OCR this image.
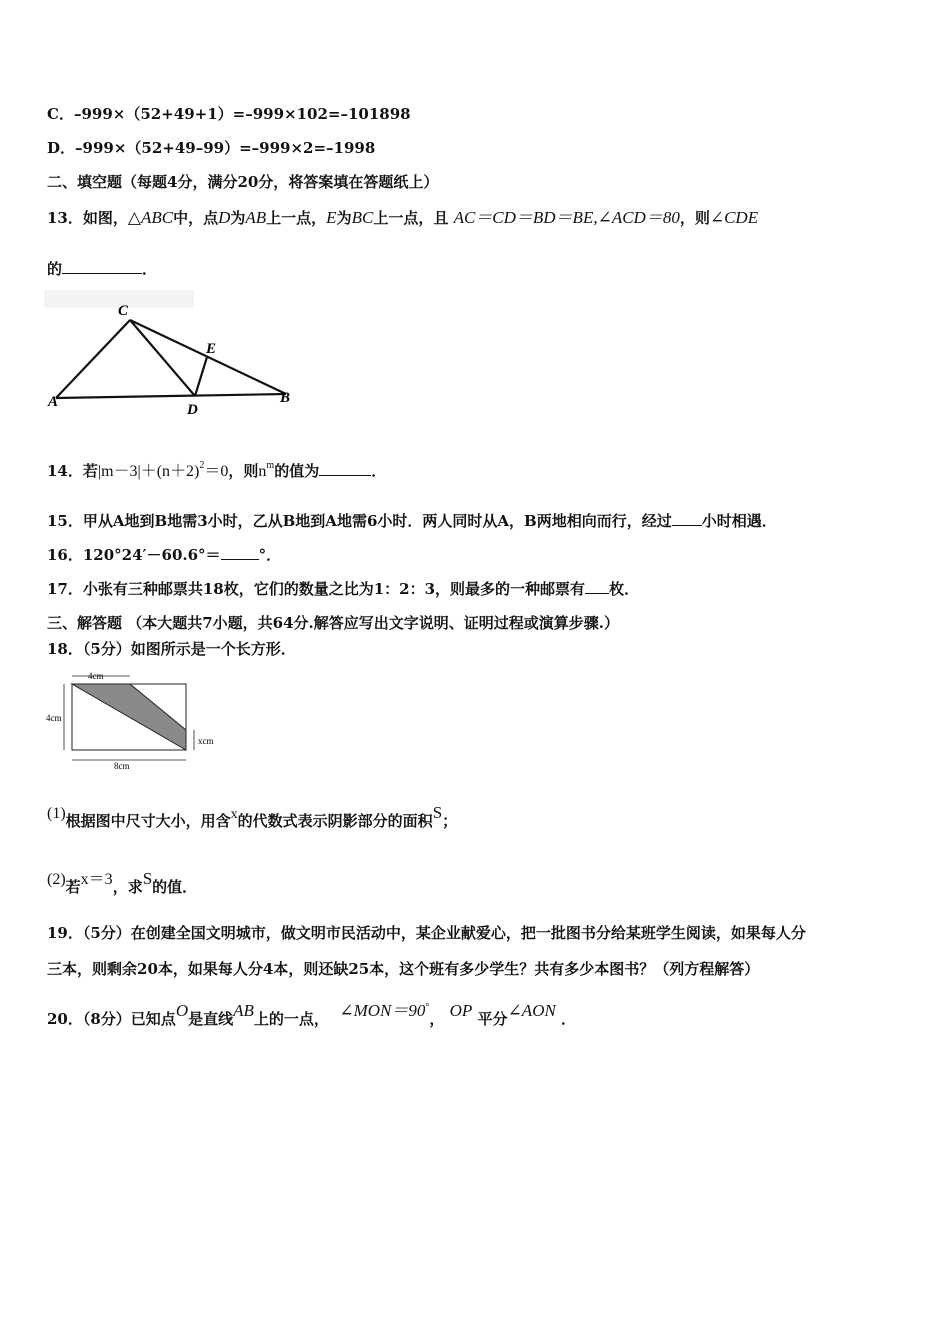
C．–999×（52+49+1）=–999×102=–101898
D．–999×（52+49–99）=–999×2=–1998
二、填空题（每题4分，满分20分，将答案填在答题纸上）
13．如图，△ABC中，点D为AB上一点，E为BC上一点，且 AC＝CD＝BD＝BE,∠ACD＝80，则∠CDE
的	．
C
E
A	D
B
14．若$|m-3|+(n+2)^2=0$，则$n^m$的值为	．
15．甲从A地到B地需3小时，乙从B地到A地需6小时．两人同时从A，B两地相向而行，经过 小时相遇．
16．120°24′－60.6°＝	°．
17．小张有三种邮票共18枚，它们的数量之比为1：2：3，则最多的一种邮票有 枚．
三、解答题 （本大题共7小题，共64分.解答应写出文字说明、证明过程或演算步骤.）
18．（5分）如图所示是一个长方形．
4cm
4cm
xcm
8cm
(1)根据图中尺寸大小，用含x的代数式表示阴影部分的面积S；
(2)若x＝3，求S的值．
19．（5分）在创建全国文明城市，做文明市民活动中，某企业献爱心，把一批图书分给某班学生阅读，如果每人分
三本，则剩余20本，如果每人分4本，则还缺25本，这个班有多少学生？共有多少本图书？（列方程解答）
20．（8分）已知点O是直线AB上的一点， ∠MON＝90°， OP 平分∠AON ．
